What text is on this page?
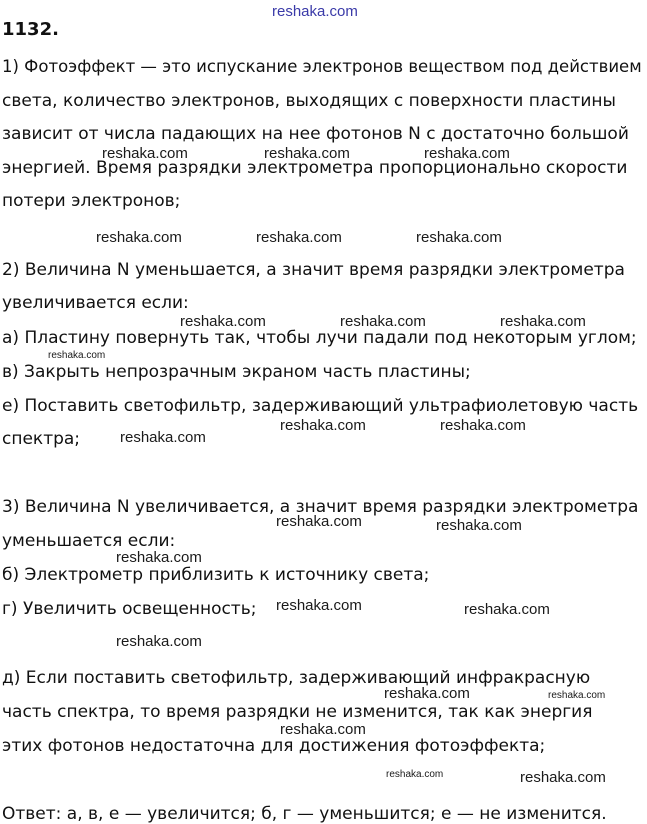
reshaka.com
1132.
1) Фотоэффект — это испускание электронов веществом под действием
света, количество электронов, выходящих с поверхности пластины
зависит от числа падающих на нее фотонов N с достаточно большой
энергией. Время разрядки электрометра пропорционально скорости
потери электронов;
2) Величина N уменьшается, а значит время разрядки электрометра
увеличивается если:
а) Пластину повернуть так, чтобы лучи падали под некоторым углом;
в) Закрыть непрозрачным экраном часть пластины;
е) Поставить светофильтр, задерживающий ультрафиолетовую часть
спектра;
3) Величина N увеличивается, а значит время разрядки электрометра
уменьшается если:
б) Электрометр приблизить к источнику света;
г) Увеличить освещенность;
д) Если поставить светофильтр, задерживающий инфракрасную
часть спектра, то время разрядки не изменится, так как энергия
этих фотонов недостаточна для достижения фотоэффекта;
Ответ: а, в, е — увеличится; б, г — уменьшится; е — не изменится.
reshaka.com	reshaka.com	reshaka.com
reshaka.com	reshaka.com	reshaka.com
reshaka.com	reshaka.com	reshaka.com
reshaka.com
reshaka.com
reshaka.com	reshaka.com
reshaka.com	reshaka.com
reshaka.com
reshaka.com	reshaka.com
reshaka.com
reshaka.com	reshaka.com
reshaka.com
reshaka.com	reshaka.com
